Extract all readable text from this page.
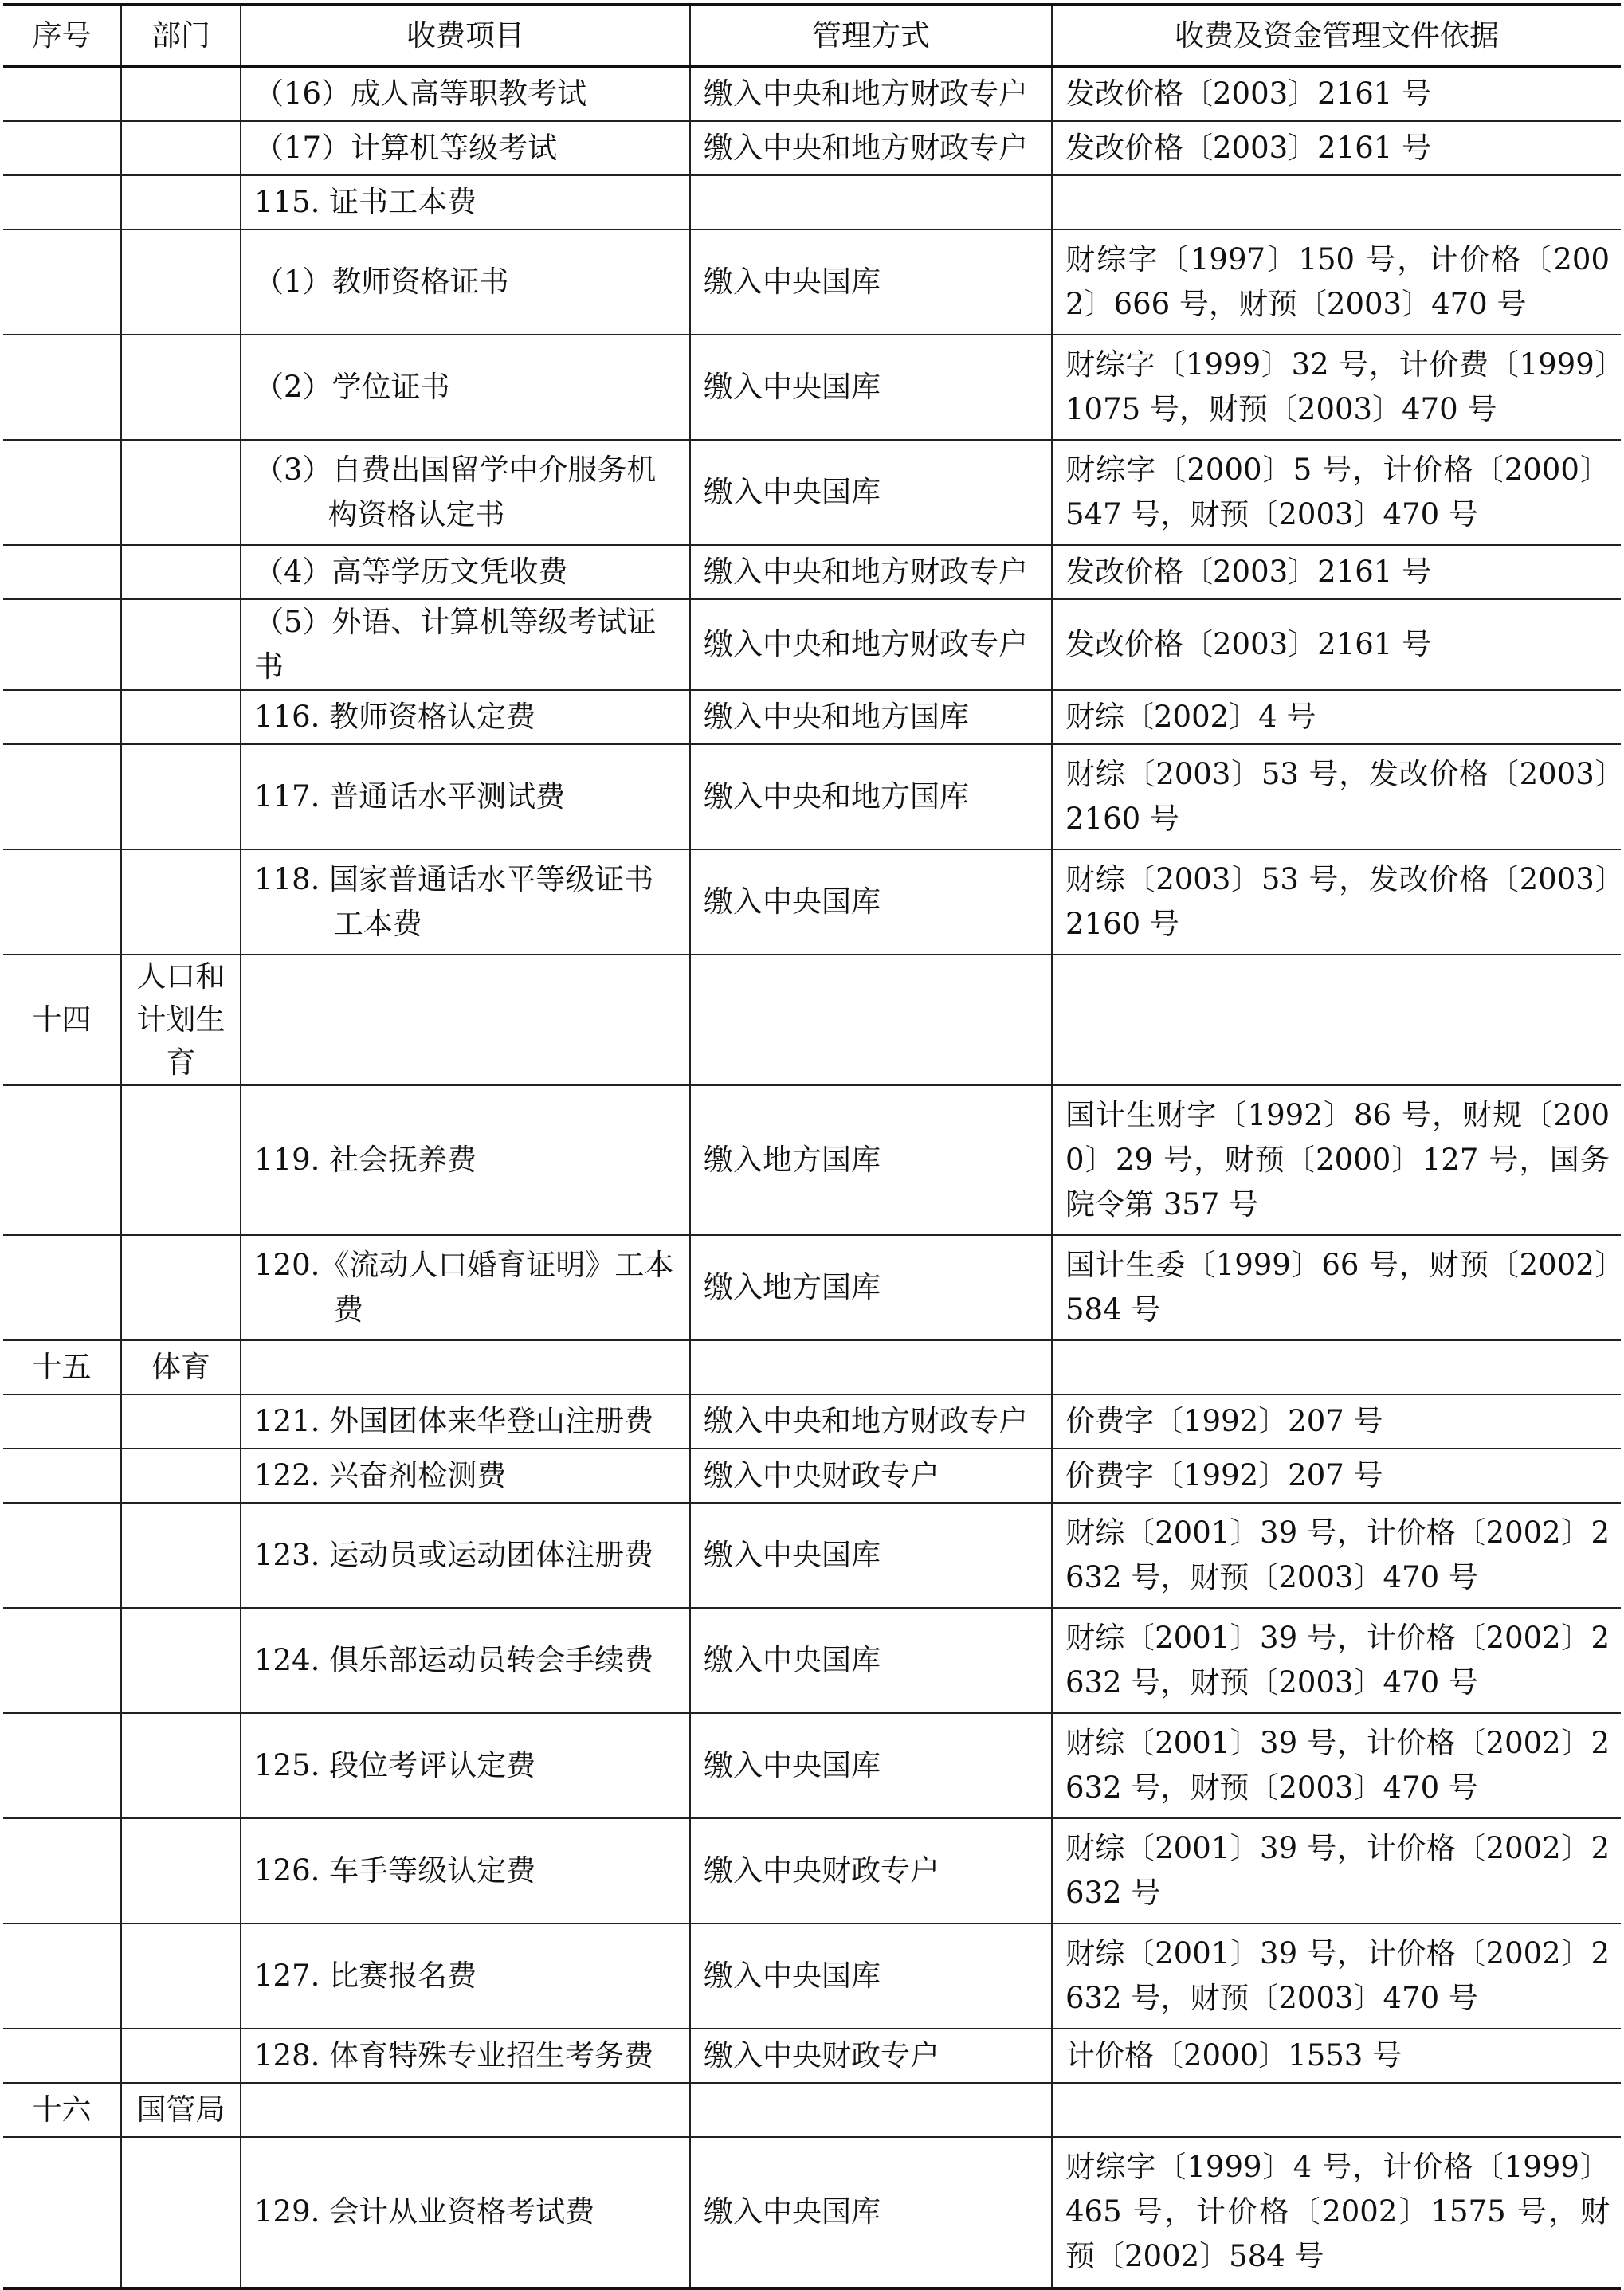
序号	部门	收费项目	管理方式	收费及资金管理文件依据

		（16）成人高等职教考试	缴入中央和地方财政专户	发改价格〔2003〕2161 号

		（17）计算机等级考试	缴入中央和地方财政专户	发改价格〔2003〕2161 号

		115. 证书工本费		

		（1）教师资格证书	缴入中央国库	财综字〔1997〕150 号，计价格〔2002〕666 号，财预〔2003〕470 号

		（2）学位证书	缴入中央国库	财综字〔1999〕32 号，计价费〔1999〕1075 号，财预〔2003〕470 号

		（3）自费出国留学中介服务机构资格认定书	缴入中央国库	财综字〔2000〕5 号，计价格〔2000〕547 号，财预〔2003〕470 号

		（4）高等学历文凭收费	缴入中央和地方财政专户	发改价格〔2003〕2161 号

		（5）外语、计算机等级考试证书	缴入中央和地方财政专户	发改价格〔2003〕2161 号

		116. 教师资格认定费	缴入中央和地方国库	财综〔2002〕4 号

		117. 普通话水平测试费	缴入中央和地方国库	财综〔2003〕53 号，发改价格〔2003〕2160 号

		118. 国家普通话水平等级证书工本费	缴入中央国库	财综〔2003〕53 号，发改价格〔2003〕2160 号
十四	人口和计划生育	

		119. 社会抚养费	缴入地方国库	国计生财字〔1992〕86 号，财规〔2000〕29 号，财预〔2000〕127 号，国务院令第 357 号

		120.《流动人口婚育证明》工本费	缴入地方国库	国计生委〔1999〕66 号，财预〔2002〕584 号
十五	体育	

		121. 外国团体来华登山注册费	缴入中央和地方财政专户	价费字〔1992〕207 号

		122. 兴奋剂检测费	缴入中央财政专户	价费字〔1992〕207 号

		123. 运动员或运动团体注册费	缴入中央国库	财综〔2001〕39 号，计价格〔2002〕2632 号，财预〔2003〕470 号

		124. 俱乐部运动员转会手续费	缴入中央国库	财综〔2001〕39 号，计价格〔2002〕2632 号，财预〔2003〕470 号

		125. 段位考评认定费	缴入中央国库	财综〔2001〕39 号，计价格〔2002〕2632 号，财预〔2003〕470 号

		126. 车手等级认定费	缴入中央财政专户	财综〔2001〕39 号，计价格〔2002〕2632 号

		127. 比赛报名费	缴入中央国库	财综〔2001〕39 号，计价格〔2002〕2632 号，财预〔2003〕470 号

		128. 体育特殊专业招生考务费	缴入中央财政专户	计价格〔2000〕1553 号
十六	国管局	

		129. 会计从业资格考试费	缴入中央国库	财综字〔1999〕4 号，计价格〔1999〕465 号，计价格〔2002〕1575 号，财预〔2002〕584 号
